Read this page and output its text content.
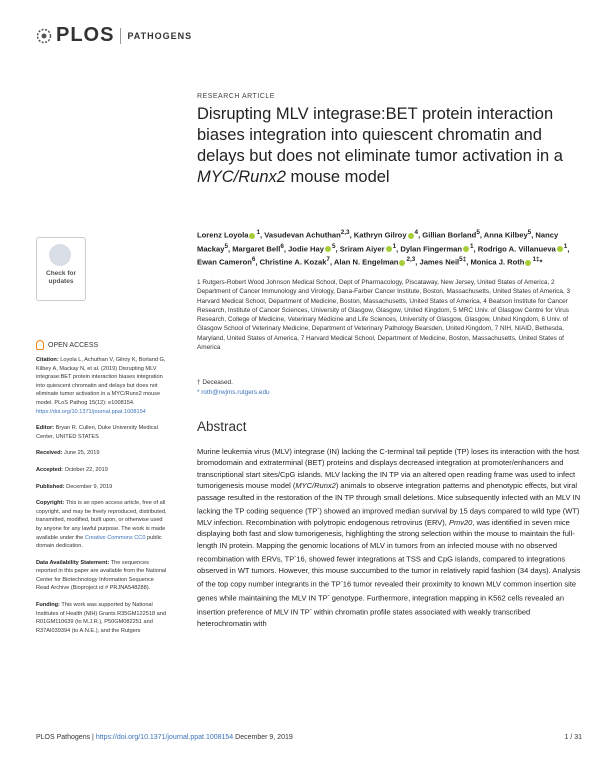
PLOS PATHOGENS
RESEARCH ARTICLE
Disrupting MLV integrase:BET protein interaction biases integration into quiescent chromatin and delays but does not eliminate tumor activation in a MYC/Runx2 mouse model
Lorenz Loyola $^1$, Vasudevan Achuthan$^{2,3}$, Kathryn Gilroy $^4$, Gillian Borland$^5$, Anna Kilbey$^5$, Nancy Mackay$^5$, Margaret Bell$^6$, Jodie Hay $^5$, Sriram Aiyer $^1$, Dylan Fingerman $^1$, Rodrigo A. Villanueva $^1$, Ewan Cameron$^6$, Christine A. Kozak$^7$, Alan N. Engelman $^{2,3}$, James Neil$^{5\ddagger}$, Monica J. Roth $^{1\ddagger}$*
1 Rutgers-Robert Wood Johnson Medical School, Dept of Pharmacology, Piscataway, New Jersey, United States of America, 2 Department of Cancer Immunology and Virology, Dana-Farber Cancer Institute, Boston, Massachusetts, United States of America, 3 Harvard Medical School, Department of Medicine, Boston, Massachusetts, United States of America, 4 Beatson Institute for Cancer Research, Institute of Cancer Sciences, University of Glasgow, Glasgow, United Kingdom, 5 MRC Univ. of Glasgow Centre for Virus Research, College of Medicine, Veterinary Medicine and Life Sciences, University of Glasgow, Glasgow, United Kingdom, 6 Univ. of Glasgow School of Veterinary Medicine, Department of Veterinary Pathology Bearsden, United Kingdom, 7 NIH, NIAID, Bethesda, Maryland, United States of America, 7 Harvard Medical School, Department of Medicine, Boston, Massachusetts, United States of America
† Deceased.
* roth@rwjms.rutgers.edu
Abstract
Murine leukemia virus (MLV) integrase (IN) lacking the C-terminal tail peptide (TP) loses its interaction with the host bromodomain and extraterminal (BET) proteins and displays decreased integration at promoter/enhancers and transcriptional start sites/CpG islands. MLV lacking the IN TP via an altered open reading frame was used to infect tumorigenesis mouse model (MYC/Runx2) animals to observe integration patterns and phenotypic effects, but viral passage resulted in the restoration of the IN TP through small deletions. Mice subsequently infected with an MLV IN lacking the TP coding sequence (TP-) showed an improved median survival by 15 days compared to wild type (WT) MLV infection. Recombination with polytropic endogenous retrovirus (ERV), Pmv20, was identified in seven mice displaying both fast and slow tumorigenesis, highlighting the strong selection within the mouse to maintain the full-length IN protein. Mapping the genomic locations of MLV in tumors from an infected mouse with no observed recombination with ERVs, TP-16, showed fewer integrations at TSS and CpG islands, compared to integrations observed in WT tumors. However, this mouse succumbed to the tumor in relatively rapid fashion (34 days). Analysis of the top copy number integrants in the TP-16 tumor revealed their proximity to known MLV common insertion site genes while maintaining the MLV IN TP- genotype. Furthermore, integration mapping in K562 cells revealed an insertion preference of MLV IN TP- within chromatin profile states associated with weakly transcribed heterochromatin with
Check for updates
OPEN ACCESS

Citation: Loyola L, Achuthan V, Gilroy K, Borland G, Kilbey A, Mackay N, et al. (2019) Disrupting MLV integrase:BET protein interaction biases integration into quiescent chromatin and delays but does not eliminate tumor activation in a MYC/Runx2 mouse model. PLoS Pathog 15(12): e1008154. https://doi.org/10.1371/journal.ppat.1008154

Editor: Bryan R. Cullen, Duke University Medical Center, UNITED STATES

Received: June 25, 2019

Accepted: October 22, 2019

Published: December 9, 2019

Copyright: This is an open access article, free of all copyright, and may be freely reproduced, distributed, transmitted, modified, built upon, or otherwise used by anyone for any lawful purpose. The work is made available under the Creative Commons CC0 public domain dedication.

Data Availability Statement: The sequences reported in this paper are available from the National Center for Biotechnology Information Sequence Read Archive (Bioproject id # PRJNA548288).

Funding: This work was supported by National Institutes of Health (NIH) Grants R35GM122518 and R01GM110639 (to M.J.R.), P50GM082251 and R37AI039394 (to A.N.E.), and the Rutgers

PLOS Pathogens | https://doi.org/10.1371/journal.ppat.1008154 December 9, 2019	1 / 31
